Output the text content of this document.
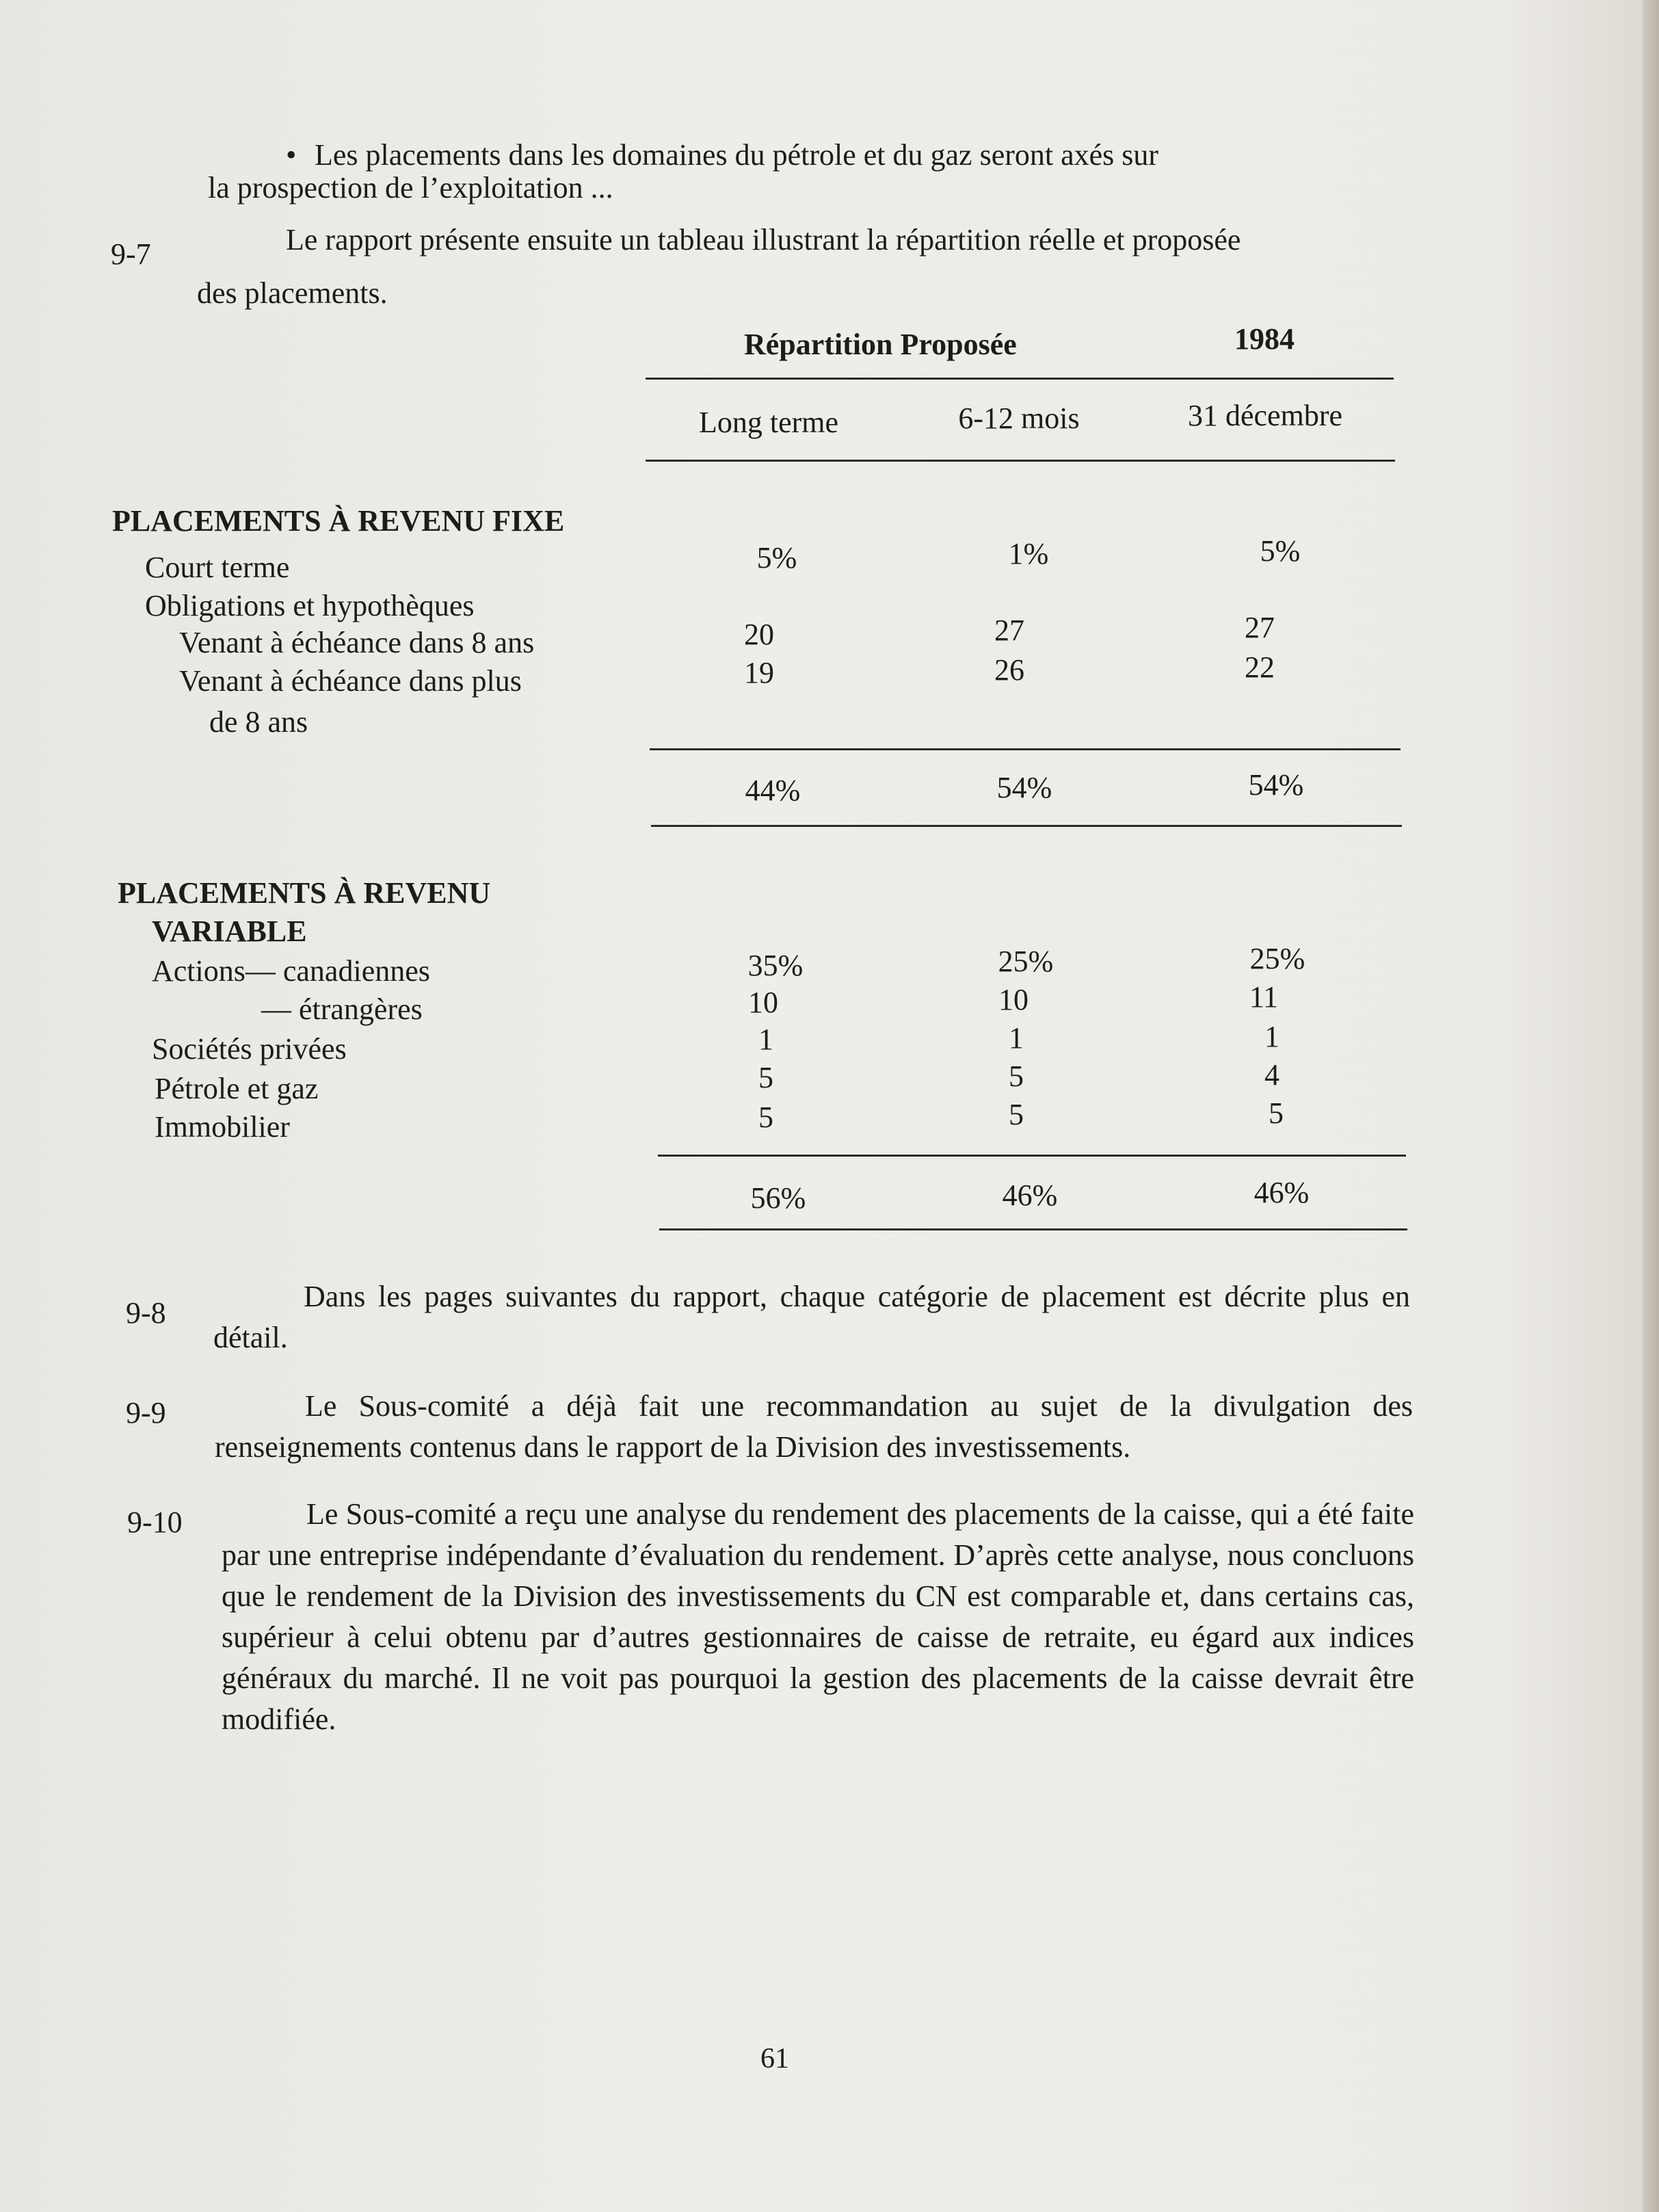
• Les placements dans les domaines du pétrole et du gaz seront axés sur
la prospection de l’exploitation ...
9-7	Le rapport présente ensuite un tableau illustrant la répartition réelle et proposée
des placements.
Répartition Proposée	1984
Long terme	6-12 mois	31 décembre
PLACEMENTS À REVENU FIXE
Court terme	5%	1%	5%
Obligations et hypothèques
Venant à échéance dans 8 ans	20	27	27
Venant à échéance dans plus
de 8 ans
19	26	22
44%	54%	54%
PLACEMENTS À REVENU
VARIABLE
Actions— canadiennes	35%	25%	25%
— étrangères	10	10	11
Sociétés privées	1	1	1
Pétrole et gaz	5	5	4
Immobilier	5	5	5
56%	46%	46%
9-8	Dans les pages suivantes du rapport, chaque catégorie de placement est décrite plus en détail.
9-9	Le Sous-comité a déjà fait une recommandation au sujet de la divulgation des renseignements contenus dans le rapport de la Division des investissements.
9-10	Le Sous-comité a reçu une analyse du rendement des placements de la caisse, qui a été faite par une entreprise indépendante d’évaluation du rendement. D’après cette analyse, nous concluons que le rendement de la Division des investissements du CN est comparable et, dans certains cas, supérieur à celui obtenu par d’autres gestionnaires de caisse de retraite, eu égard aux indices généraux du marché. Il ne voit pas pourquoi la gestion des placements de la caisse devrait être modifiée.
61
